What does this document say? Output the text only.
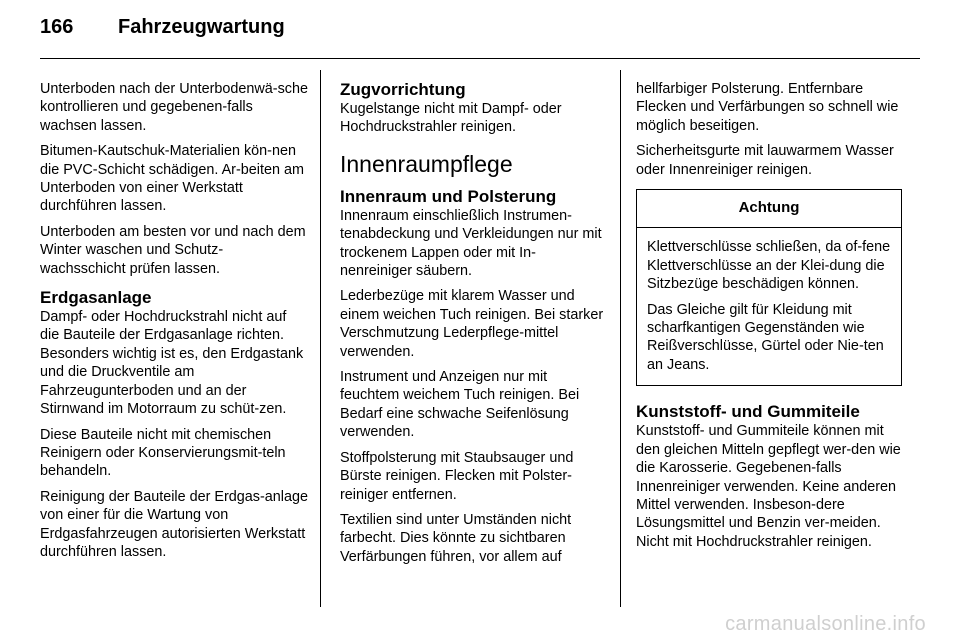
166 Fahrzeugwartung

Unterboden nach der Unterbodenwä-sche kontrollieren und gegebenen-falls wachsen lassen.

Bitumen-Kautschuk-Materialien kön-nen die PVC-Schicht schädigen. Ar-beiten am Unterboden von einer Werkstatt durchführen lassen.

Unterboden am besten vor und nach dem Winter waschen und Schutz-wachsschicht prüfen lassen.

Erdgasanlage

Dampf- oder Hochdruckstrahl nicht auf die Bauteile der Erdgasanlage richten. Besonders wichtig ist es, den Erdgastank und die Druckventile am Fahrzeugunterboden und an der Stirnwand im Motorraum zu schüt-zen.

Diese Bauteile nicht mit chemischen Reinigern oder Konservierungsmit-teln behandeln.

Reinigung der Bauteile der Erdgas-anlage von einer für die Wartung von Erdgasfahrzeugen autorisierten Werkstatt durchführen lassen.

Zugvorrichtung

Kugelstange nicht mit Dampf- oder Hochdruckstrahler reinigen.

Innenraumpflege
Innenraum und Polsterung

Innenraum einschließlich Instrumen-tenabdeckung und Verkleidungen nur mit trockenem Lappen oder mit In-nenreiniger säubern.

Lederbezüge mit klarem Wasser und einem weichen Tuch reinigen. Bei starker Verschmutzung Lederpflege-mittel verwenden.

Instrument und Anzeigen nur mit feuchtem weichem Tuch reinigen. Bei Bedarf eine schwache Seifenlösung verwenden.

Stoffpolsterung mit Staubsauger und Bürste reinigen. Flecken mit Polster-reiniger entfernen.

Textilien sind unter Umständen nicht farbecht. Dies könnte zu sichtbaren Verfärbungen führen, vor allem auf

hellfarbiger Polsterung. Entfernbare Flecken und Verfärbungen so schnell wie möglich beseitigen.

Sicherheitsgurte mit lauwarmem Wasser oder Innenreiniger reinigen.

Achtung

Klettverschlüsse schließen, da of-fene Klettverschlüsse an der Klei-dung die Sitzbezüge beschädigen können.

Das Gleiche gilt für Kleidung mit scharfkantigen Gegenständen wie Reißverschlüsse, Gürtel oder Nie-ten an Jeans.

Kunststoff- und Gummiteile

Kunststoff- und Gummiteile können mit den gleichen Mitteln gepflegt wer-den wie die Karosserie. Gegebenen-falls Innenreiniger verwenden. Keine anderen Mittel verwenden. Insbeson-dere Lösungsmittel und Benzin ver-meiden. Nicht mit Hochdruckstrahler reinigen.

carmanualsonline.info
